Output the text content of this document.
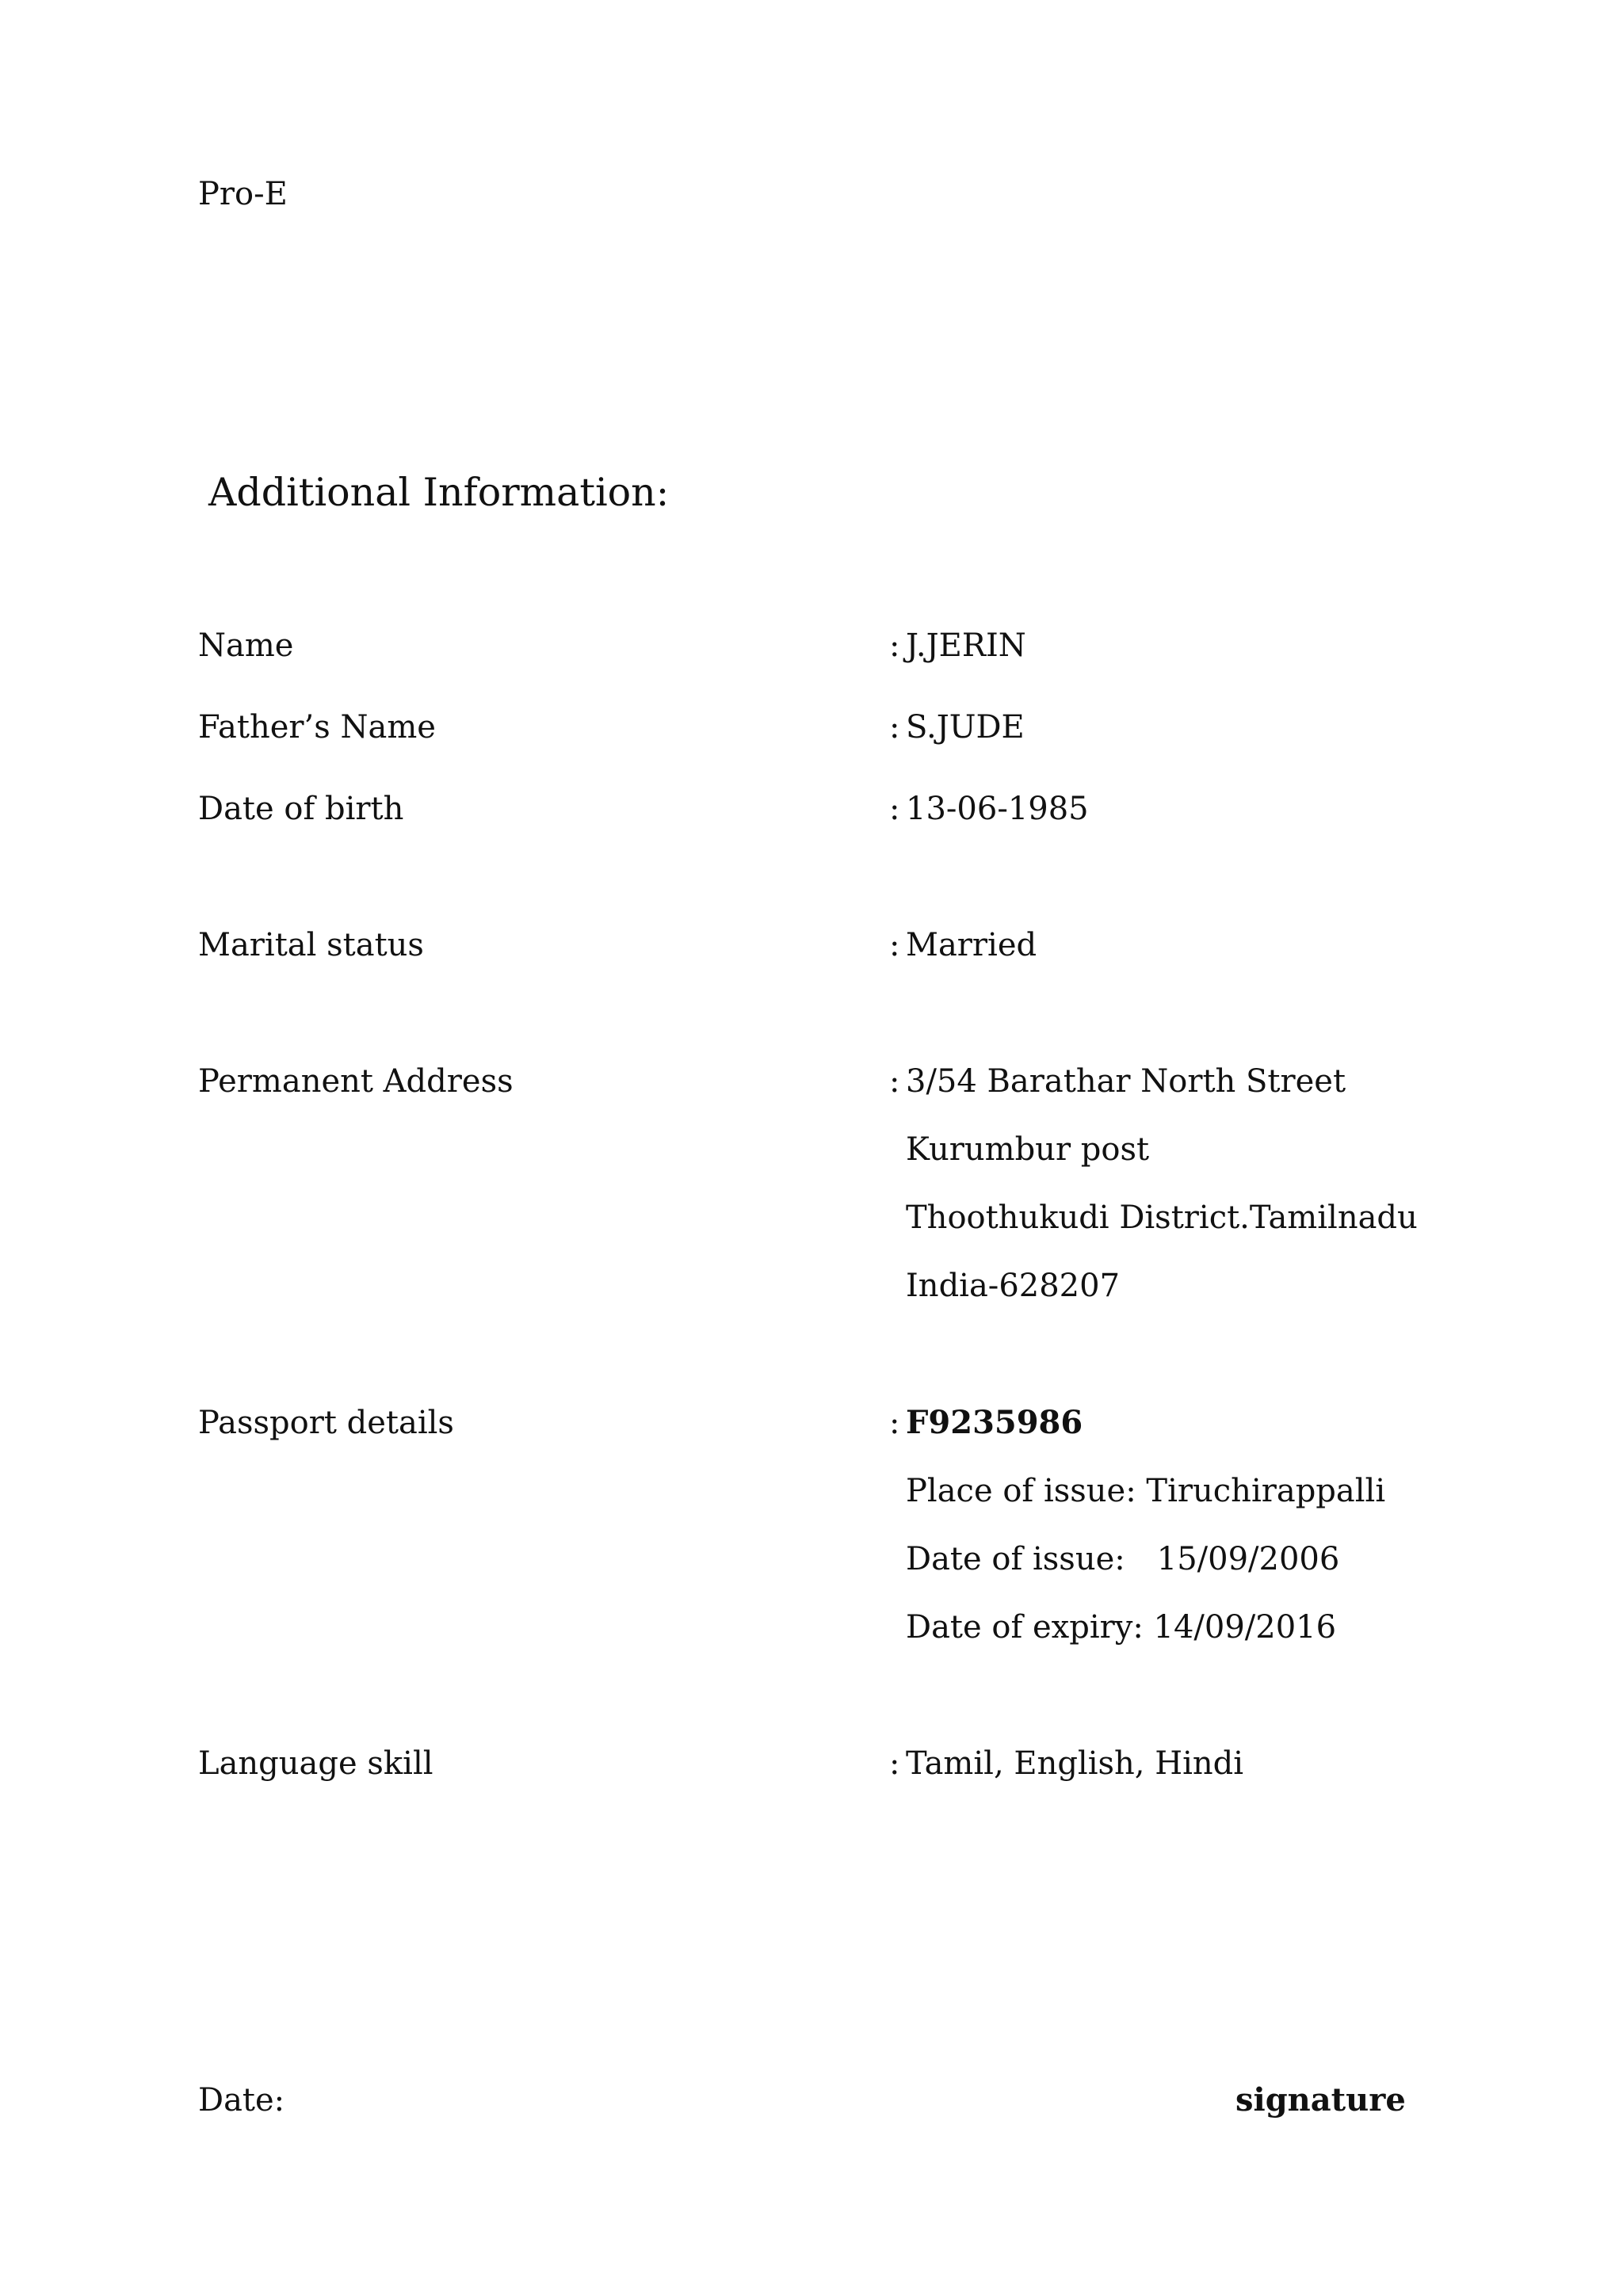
Pro-E
Additional Information:
Name	: J.JERIN
Father’s Name	: S.JUDE
Date of birth	: 13-06-1985
Marital status	: Married
Permanent Address	: 3/54 Barathar North Street
Kurumbur post
Thoothukudi District.Tamilnadu
India-628207
Passport details	: F9235986
Place of issue: Tiruchirappalli
Date of issue: 15/09/2006
Date of expiry: 14/09/2016
Language skill	: Tamil, English, Hindi
Date:	signature
